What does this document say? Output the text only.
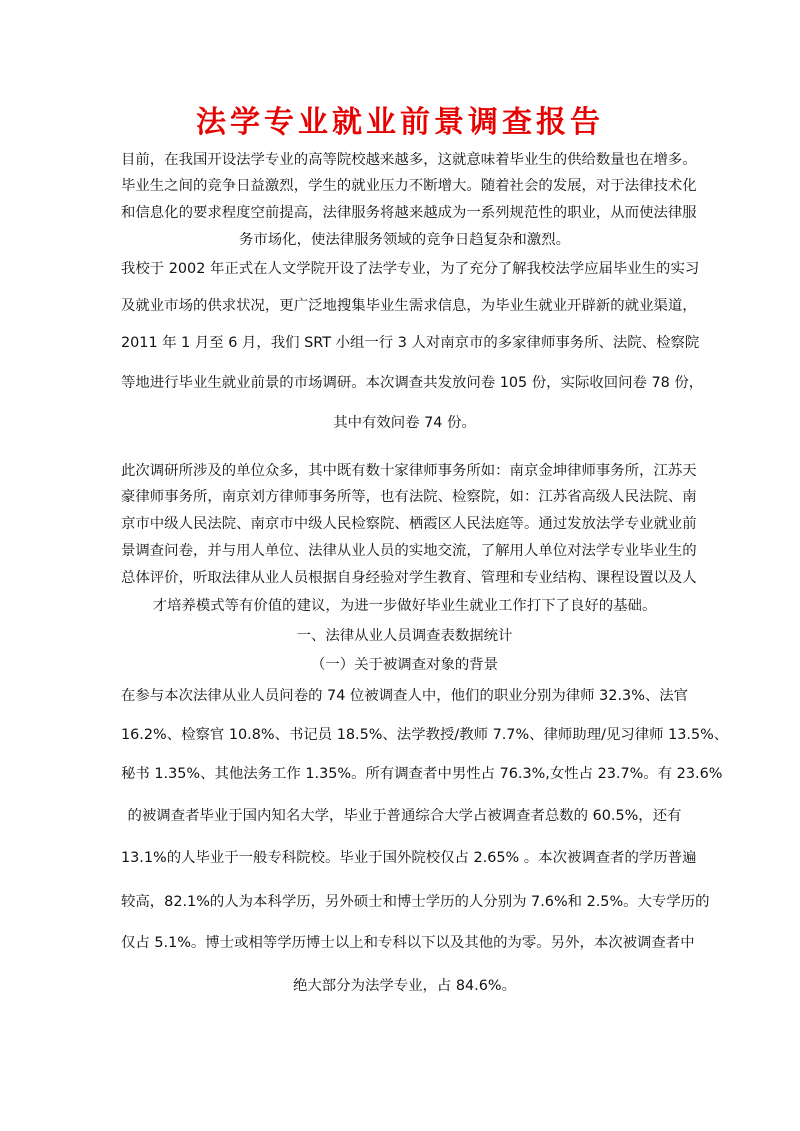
法学专业就业前景调查报告
目前，在我国开设法学专业的高等院校越来越多，这就意味着毕业生的供给数量也在增多。
毕业生之间的竞争日益激烈，学生的就业压力不断增大。随着社会的发展，对于法律技术化
和信息化的要求程度空前提高，法律服务将越来越成为一系列规范性的职业，从而使法律服
务市场化，使法律服务领域的竞争日趋复杂和激烈。
我校于 2002 年正式在人文学院开设了法学专业，为了充分了解我校法学应届毕业生的实习
及就业市场的供求状况，更广泛地搜集毕业生需求信息，为毕业生就业开辟新的就业渠道，
2011 年 1 月至 6 月，我们 SRT 小组一行 3 人对南京市的多家律师事务所、法院、检察院
等地进行毕业生就业前景的市场调研。本次调查共发放问卷 105 份，实际收回问卷 78 份，
其中有效问卷 74 份。
此次调研所涉及的单位众多，其中既有数十家律师事务所如：南京金坤律师事务所，江苏天
豪律师事务所，南京刘方律师事务所等，也有法院、检察院，如：江苏省高级人民法院、南
京市中级人民法院、南京市中级人民检察院、栖霞区人民法庭等。通过发放法学专业就业前
景调查问卷，并与用人单位、法律从业人员的实地交流，了解用人单位对法学专业毕业生的
总体评价，听取法律从业人员根据自身经验对学生教育、管理和专业结构、课程设置以及人
才培养模式等有价值的建议，为进一步做好毕业生就业工作打下了良好的基础。
一、法律从业人员调查表数据统计
（一）关于被调查对象的背景
在参与本次法律从业人员问卷的 74 位被调查人中，他们的职业分别为律师 32.3%、法官
16.2%、检察官 10.8%、书记员 18.5%、法学教授/教师 7.7%、律师助理/见习律师 13.5%、
秘书 1.35%、其他法务工作 1.35%。所有调查者中男性占 76.3%,女性占 23.7%。有 23.6%
的被调查者毕业于国内知名大学，毕业于普通综合大学占被调查者总数的 60.5%，还有
13.1%的人毕业于一般专科院校。毕业于国外院校仅占 2.65% 。本次被调查者的学历普遍
较高，82.1%的人为本科学历，另外硕士和博士学历的人分别为 7.6%和 2.5%。大专学历的
仅占 5.1%。博士或相等学历博士以上和专科以下以及其他的为零。另外，本次被调查者中
绝大部分为法学专业，占 84.6%。
